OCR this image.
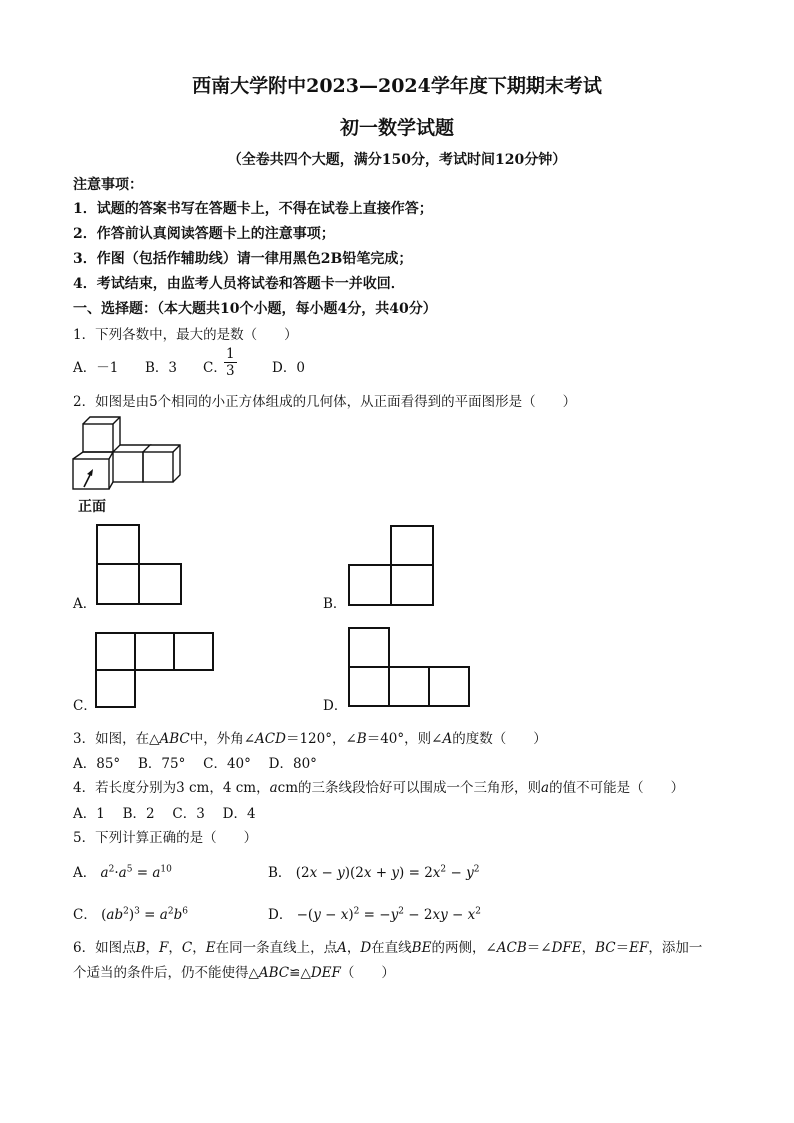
西南大学附中2023—2024学年度下期期末考试
初一数学试题
（全卷共四个大题，满分150分，考试时间120分钟）
注意事项：
1．试题的答案书写在答题卡上，不得在试卷上直接作答；
2．作答前认真阅读答题卡上的注意事项；
3．作图（包括作辅助线）请一律用黑色2B铅笔完成；
4．考试结束，由监考人员将试卷和答题卡一并收回．
一、选择题：（本大题共10个小题，每小题4分，共40分）
1．下列各数中，最大的是数（　　）
A．－1 B．3 C．
$\frac{1}{3}$	D．0
2．如图是由5个相同的小正方体组成的几何体，从正面看得到的平面图形是（　　）
正面
A．	B．
C．	D．
3．如图，在△ABC中，外角∠ACD＝120°，∠B＝40°，则∠A的度数（　　）
A．85°　 B．75°　 C．40°　 D．80°
4．若长度分别为3 cm，4 cm，acm的三条线段恰好可以围成一个三角形，则a的值不可能是（　　）
A．1　 B．2　 C．3　 D．4
5．下列计算正确的是（　　）
A． $a^2\cdot a^5 = a^{10}$	B． $(2x - y)(2x + y) = 2x^2 - y^2$
C． $(ab^2)^3 = a^2b^6$	D． $-(y - x)^2 = -y^2 - 2xy - x^2$
6．如图点B，F，C，E在同一条直线上，点A，D在直线BE的两侧，∠ACB＝∠DFE，BC＝EF，添加一
个适当的条件后，仍不能使得△ABC≌△DEF（　　）
